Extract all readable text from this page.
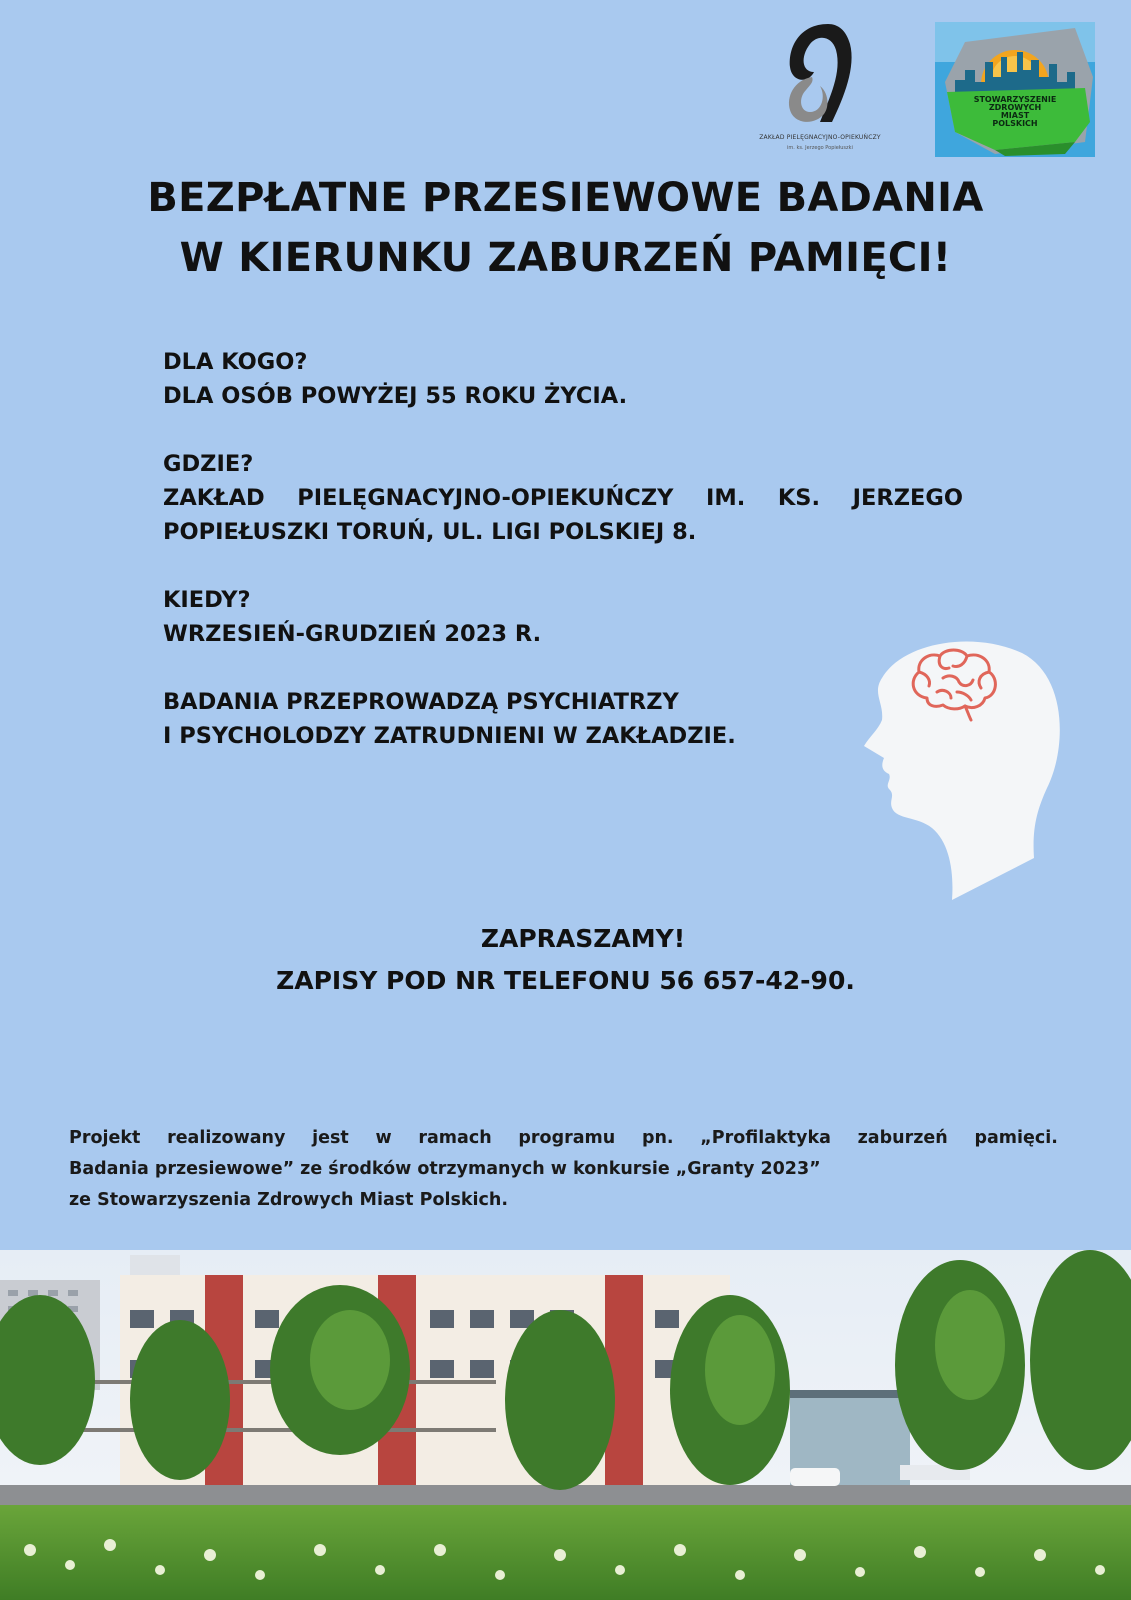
ZAKŁAD PIELĘGNACYJNO-OPIEKUŃCZY
im. ks. Jerzego Popiełuszki
STOWARZYSZENIE
ZDROWYCH
MIAST
POLSKICH
BEZPŁATNE PRZESIEWOWE BADANIA
W KIERUNKU ZABURZEŃ PAMIĘCI!
DLA KOGO?
DLA OSÓB POWYŻEJ 55 ROKU ŻYCIA.
GDZIE?
ZAKŁAD PIELĘGNACYJNO-OPIEKUŃCZY IM. KS. JERZEGO
POPIEŁUSZKI TORUŃ, UL. LIGI POLSKIEJ 8.
KIEDY?
WRZESIEŃ-GRUDZIEŃ 2023 R.
BADANIA PRZEPROWADZĄ PSYCHIATRZY
I PSYCHOLODZY ZATRUDNIENI W ZAKŁADZIE.
ZAPRASZAMY!
ZAPISY POD NR TELEFONU 56 657-42-90.
Projekt realizowany jest w ramach programu pn. „Profilaktyka zaburzeń pamięci.
Badania przesiewowe” ze środków otrzymanych w konkursie „Granty 2023”
ze Stowarzyszenia Zdrowych Miast Polskich.
